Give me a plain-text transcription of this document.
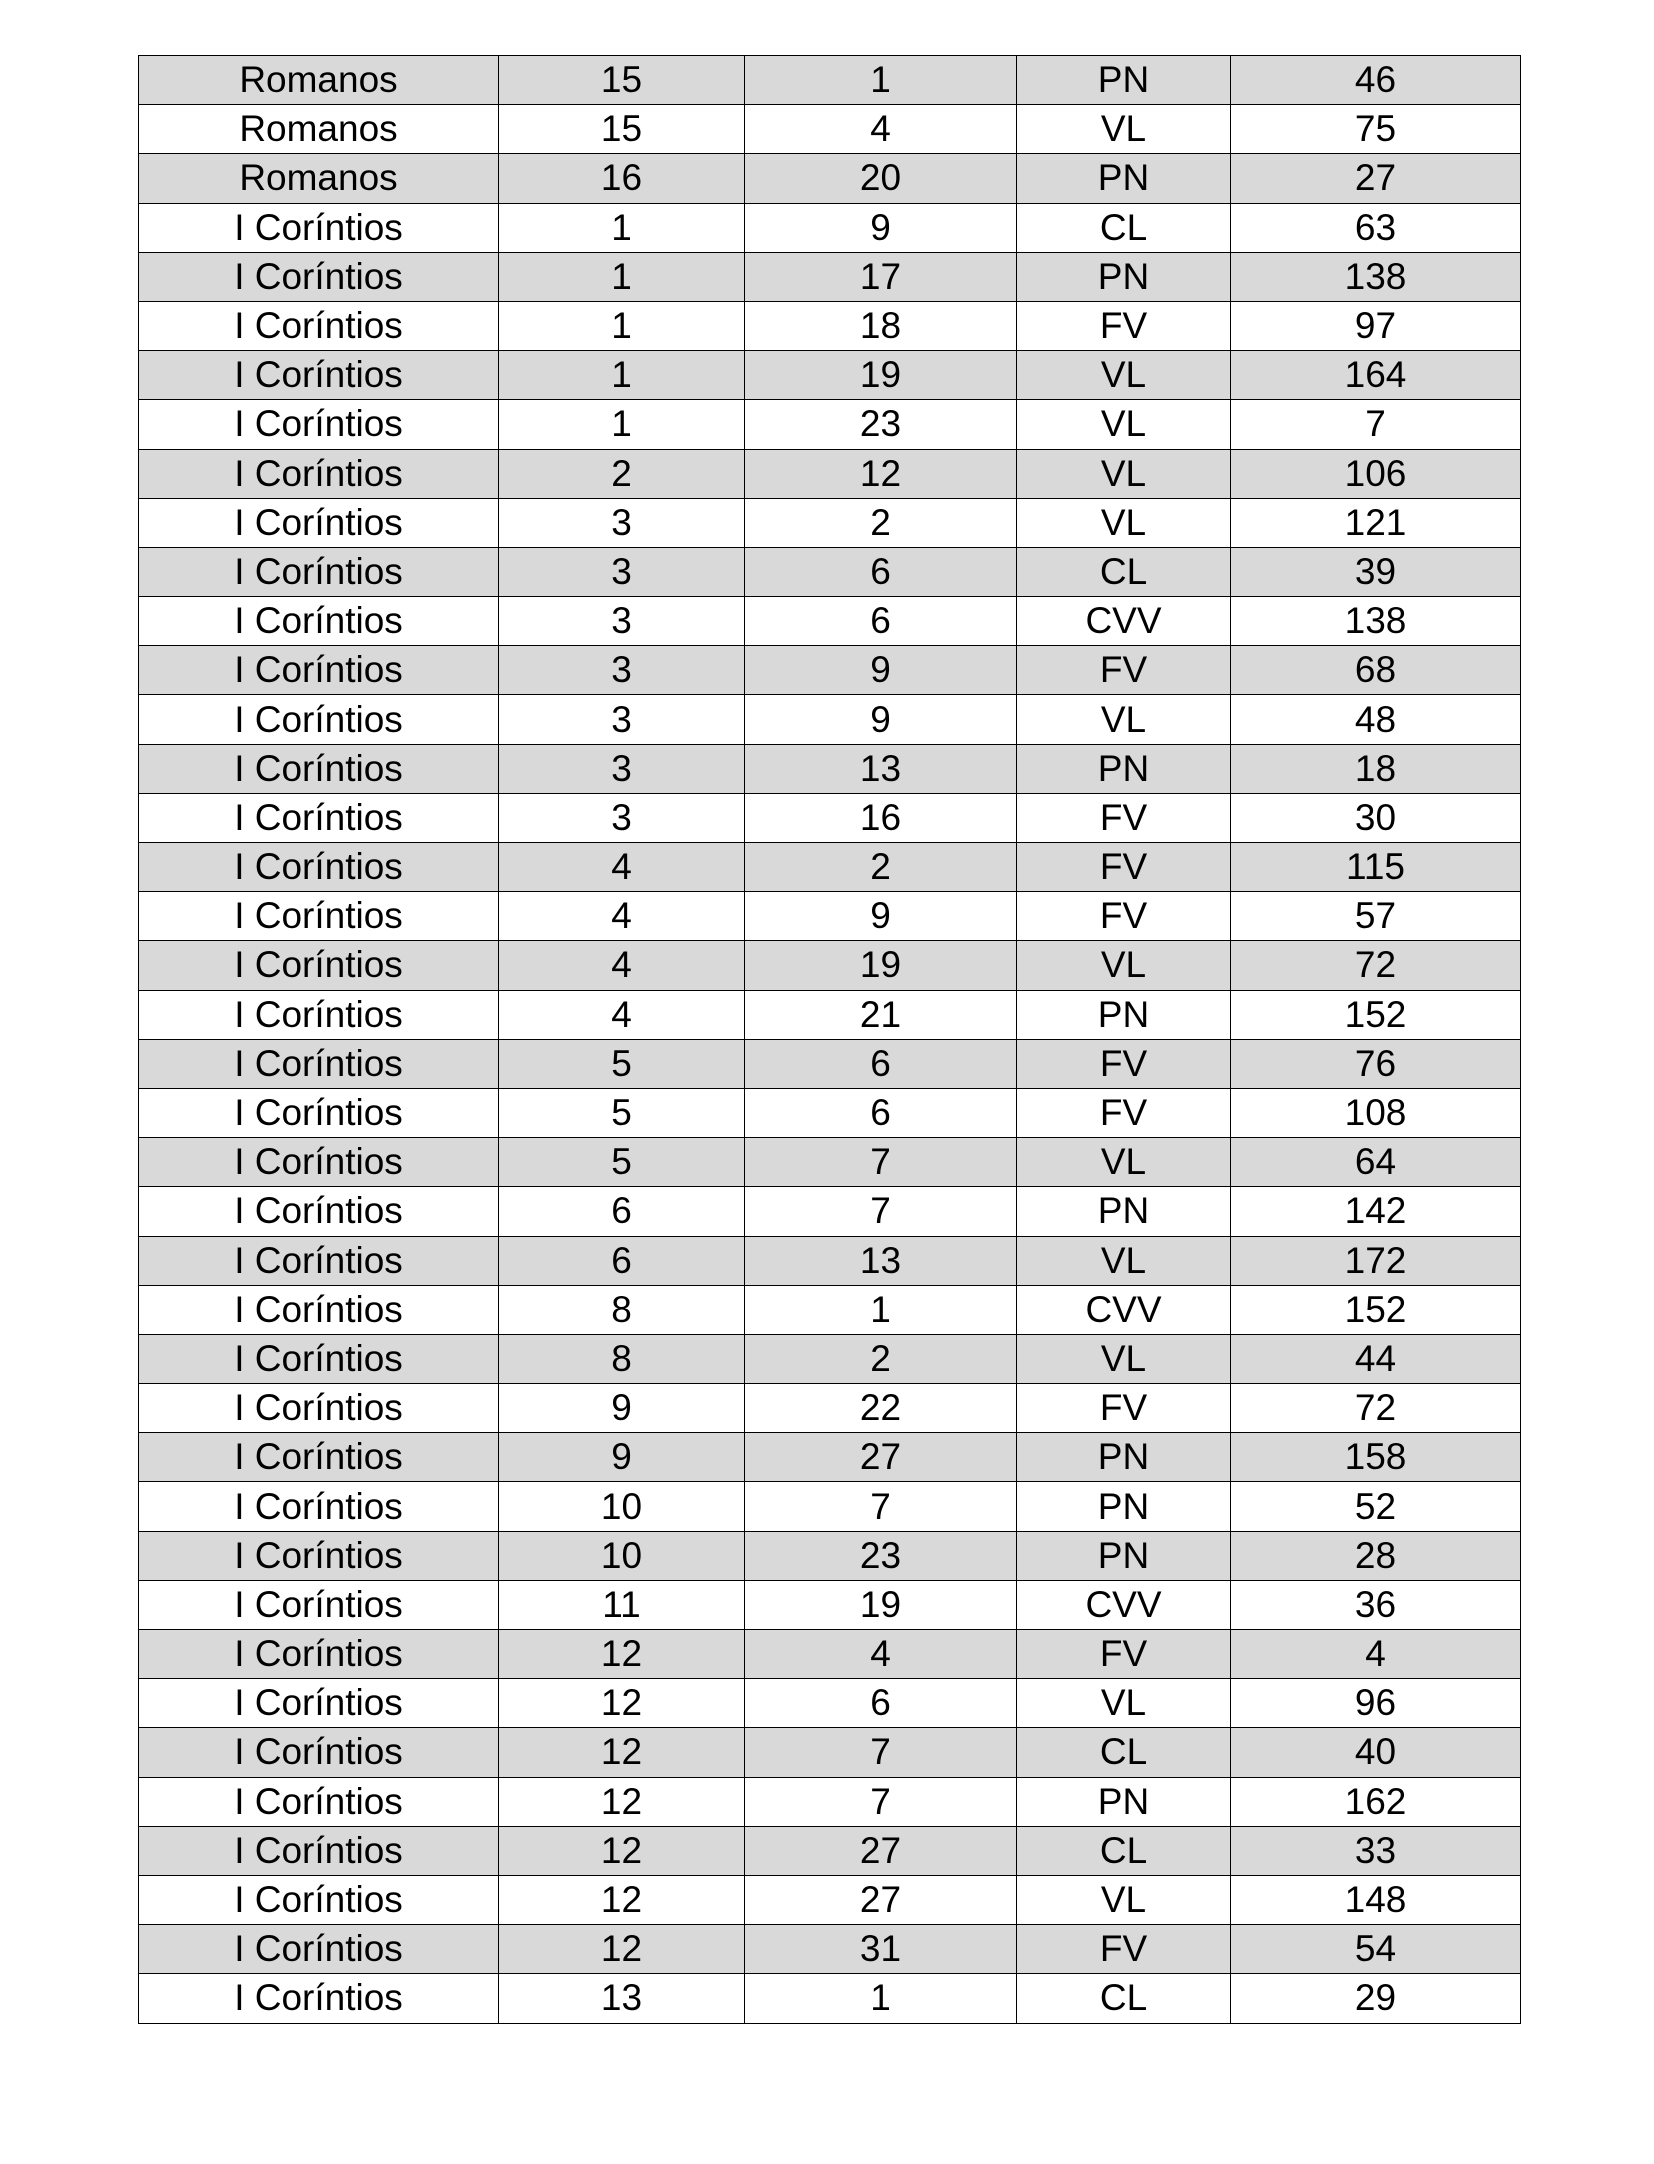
Romanos	15	1	PN	46
Romanos	15	4	VL	75
Romanos	16	20	PN	27
I Coríntios	1	9	CL	63
I Coríntios	1	17	PN	138
I Coríntios	1	18	FV	97
I Coríntios	1	19	VL	164
I Coríntios	1	23	VL	7
I Coríntios	2	12	VL	106
I Coríntios	3	2	VL	121
I Coríntios	3	6	CL	39
I Coríntios	3	6	CVV	138
I Coríntios	3	9	FV	68
I Coríntios	3	9	VL	48
I Coríntios	3	13	PN	18
I Coríntios	3	16	FV	30
I Coríntios	4	2	FV	115
I Coríntios	4	9	FV	57
I Coríntios	4	19	VL	72
I Coríntios	4	21	PN	152
I Coríntios	5	6	FV	76
I Coríntios	5	6	FV	108
I Coríntios	5	7	VL	64
I Coríntios	6	7	PN	142
I Coríntios	6	13	VL	172
I Coríntios	8	1	CVV	152
I Coríntios	8	2	VL	44
I Coríntios	9	22	FV	72
I Coríntios	9	27	PN	158
I Coríntios	10	7	PN	52
I Coríntios	10	23	PN	28
I Coríntios	11	19	CVV	36
I Coríntios	12	4	FV	4
I Coríntios	12	6	VL	96
I Coríntios	12	7	CL	40
I Coríntios	12	7	PN	162
I Coríntios	12	27	CL	33
I Coríntios	12	27	VL	148
I Coríntios	12	31	FV	54
I Coríntios	13	1	CL	29
